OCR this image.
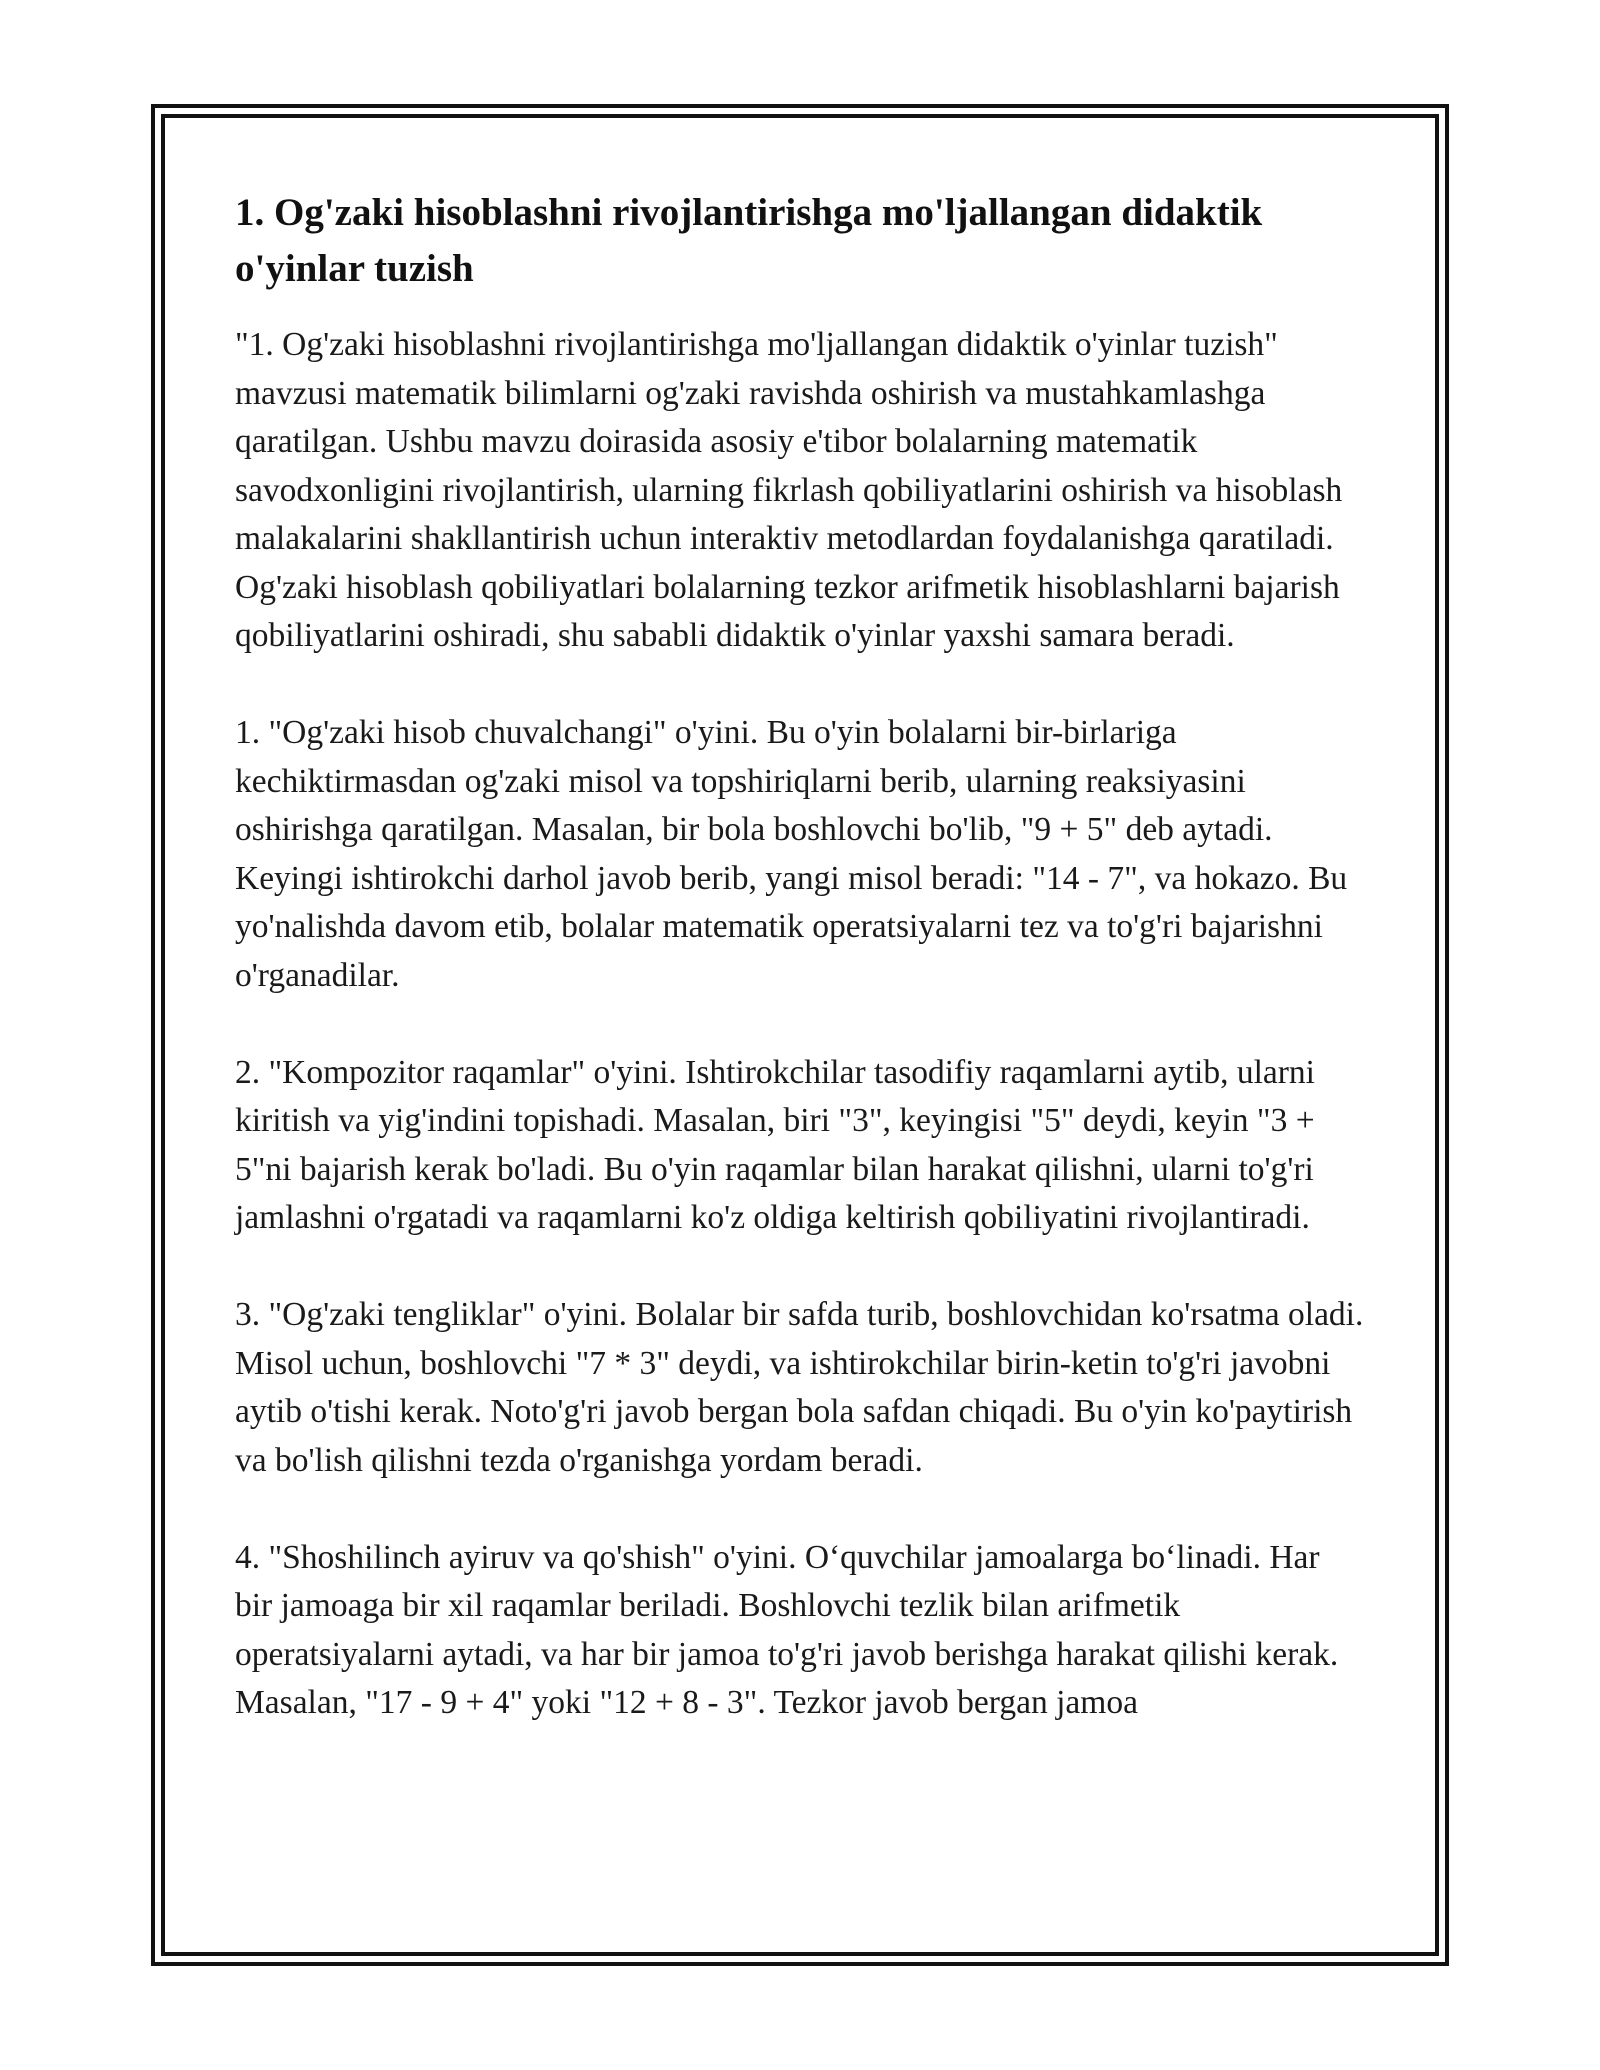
1. Og'zaki hisoblashni rivojlantirishga mo'ljallangan didaktik o'yinlar tuzish

"1. Og'zaki hisoblashni rivojlantirishga mo'ljallangan didaktik o'yinlar tuzish" mavzusi matematik bilimlarni og'zaki ravishda oshirish va mustahkamlashga qaratilgan. Ushbu mavzu doirasida asosiy e'tibor bolalarning matematik savodxonligini rivojlantirish, ularning fikrlash qobiliyatlarini oshirish va hisoblash malakalarini shakllantirish uchun interaktiv metodlardan foydalanishga qaratiladi. Og'zaki hisoblash qobiliyatlari bolalarning tezkor arifmetik hisoblashlarni bajarish qobiliyatlarini oshiradi, shu sababli didaktik o'yinlar yaxshi samara beradi.

1. "Og'zaki hisob chuvalchangi" o'yini. Bu o'yin bolalarni bir-birlariga kechiktirmasdan og'zaki misol va topshiriqlarni berib, ularning reaksiyasini oshirishga qaratilgan. Masalan, bir bola boshlovchi bo'lib, "9 + 5" deb aytadi. Keyingi ishtirokchi darhol javob berib, yangi misol beradi: "14 - 7", va hokazo. Bu yo'nalishda davom etib, bolalar matematik operatsiyalarni tez va to'g'ri bajarishni o'rganadilar.

2. "Kompozitor raqamlar" o'yini. Ishtirokchilar tasodifiy raqamlarni aytib, ularni kiritish va yig'indini topishadi. Masalan, biri "3", keyingisi "5" deydi, keyin "3 + 5"ni bajarish kerak bo'ladi. Bu o'yin raqamlar bilan harakat qilishni, ularni to'g'ri jamlashni o'rgatadi va raqamlarni ko'z oldiga keltirish qobiliyatini rivojlantiradi.

3. "Og'zaki tengliklar" o'yini. Bolalar bir safda turib, boshlovchidan ko'rsatma oladi. Misol uchun, boshlovchi "7 * 3" deydi, va ishtirokchilar birin-ketin to'g'ri javobni aytib o'tishi kerak. Noto'g'ri javob bergan bola safdan chiqadi. Bu o'yin ko'paytirish va bo'lish qilishni tezda o'rganishga yordam beradi.

4. "Shoshilinch ayiruv va qo'shish" o'yini. O‘quvchilar jamoalarga bo‘linadi. Har bir jamoaga bir xil raqamlar beriladi. Boshlovchi tezlik bilan arifmetik operatsiyalarni aytadi, va har bir jamoa to'g'ri javob berishga harakat qilishi kerak. Masalan, "17 - 9 + 4" yoki "12 + 8 - 3". Tezkor javob bergan jamoa
